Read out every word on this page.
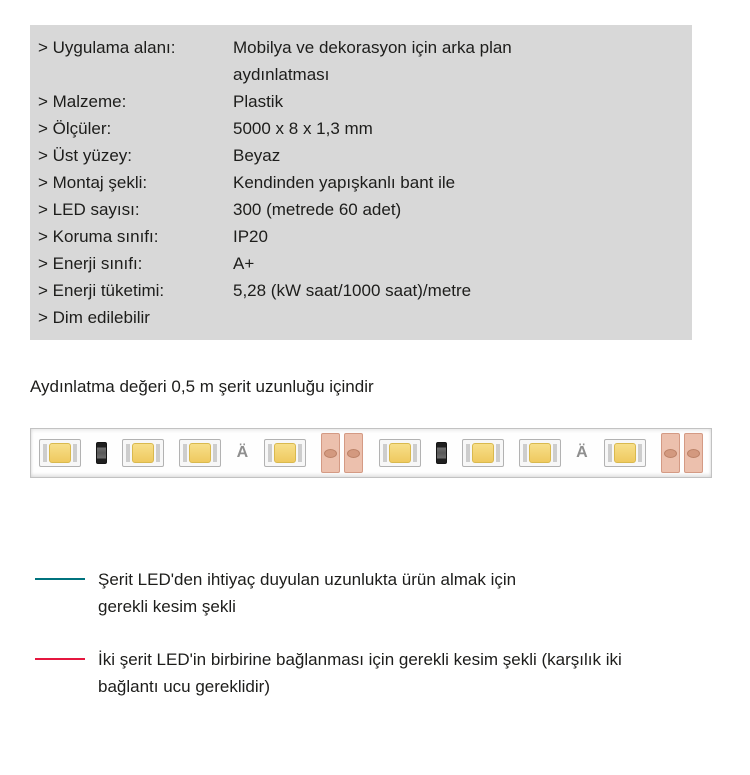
> Uygulama alanı:	Mobilya ve dekorasyon için arka plan aydınlatması
> Malzeme:	Plastik
> Ölçüler:	5000 x 8 x 1,3 mm
> Üst yüzey:	Beyaz
> Montaj şekli:	Kendinden yapışkanlı bant ile
> LED sayısı:	300 (metrede 60 adet)
> Koruma sınıfı:	IP20
> Enerji sınıfı:	A+
> Enerji tüketimi:	5,28 (kW saat/1000 saat)/metre
> Dim edilebilir
Aydınlatma değeri 0,5 m şerit uzunluğu içindir
Ä	Ä
Şerit LED'den ihtiyaç duyulan uzunlukta ürün almak için gerekli kesim şekli
İki şerit LED'in birbirine bağlanması için gerekli kesim şekli (karşılık iki bağlantı ucu gereklidir)
